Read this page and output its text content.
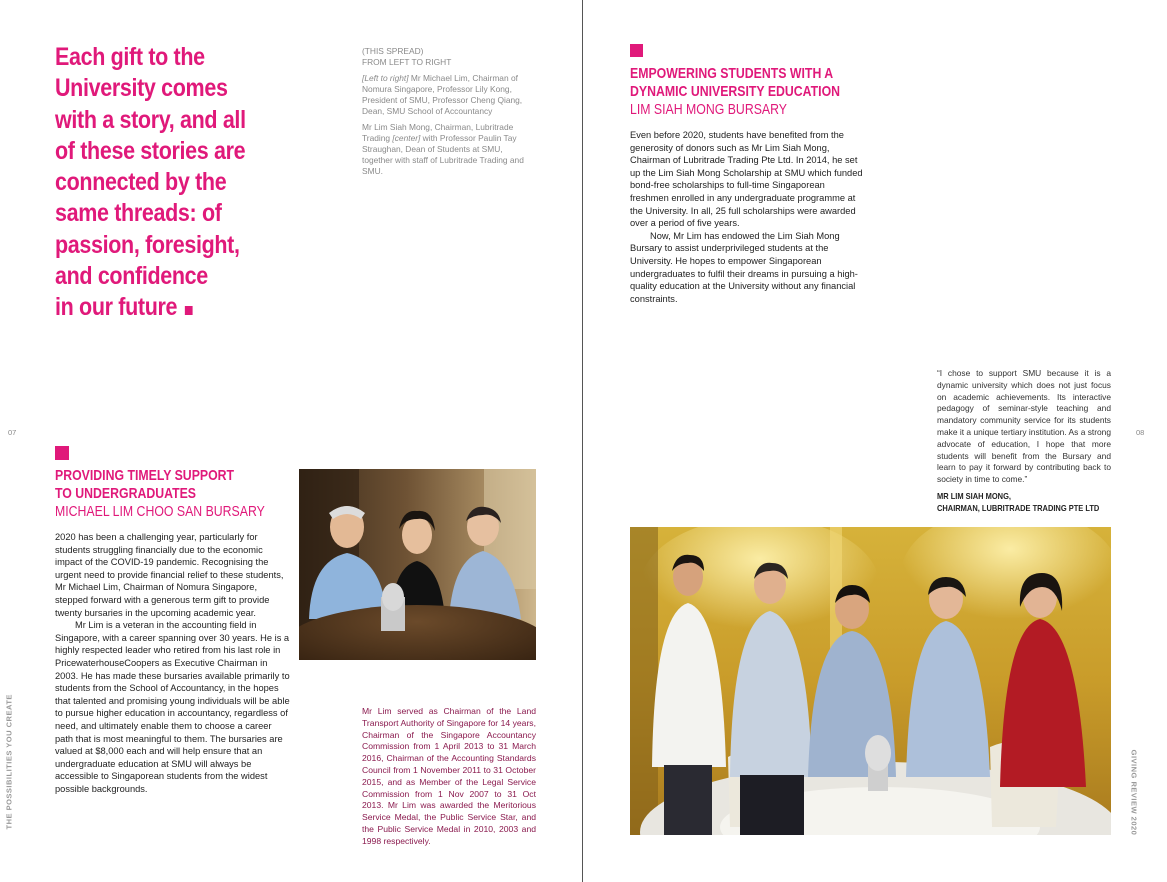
Each gift to the
University comes
with a story, and all
of these stories are
connected by the
same threads: of
passion, foresight,
and confidence
in our future
(THIS SPREAD)
FROM LEFT TO RIGHT

[Left to right] Mr Michael Lim, Chairman of Nomura Singapore, Professor Lily Kong, President of SMU, Professor Cheng Qiang, Dean, SMU School of Accountancy

Mr Lim Siah Mong, Chairman, Lubritrade Trading [center] with Professor Paulin Tay Straughan, Dean of Students at SMU, together with staff of Lubritrade Trading and SMU.

07
THE POSSIBILITIES YOU CREATE
PROVIDING TIMELY SUPPORT
TO UNDERGRADUATES
MICHAEL LIM CHOO SAN BURSARY

2020 has been a challenging year, particularly for students struggling financially due to the economic impact of the COVID-19 pandemic. Recognising the urgent need to provide financial relief to these students, Mr Michael Lim, Chairman of Nomura Singapore, stepped forward with a generous term gift to provide twenty bursaries in the upcoming academic year.

Mr Lim is a veteran in the accounting field in Singapore, with a career spanning over 30 years. He is a highly respected leader who retired from his last role in PricewaterhouseCoopers as Executive Chairman in 2003. He has made these bursaries available primarily to students from the School of Accountancy, in the hopes that talented and promising young individuals will be able to pursue higher education in accountancy, regardless of need, and ultimately enable them to choose a career path that is most meaningful to them. The bursaries are valued at $8,000 each and will help ensure that an undergraduate education at SMU will always be accessible to Singaporean students from the widest possible backgrounds.

Mr Lim served as Chairman of the Land Transport Authority of Singapore for 14 years, Chairman of the Singapore Accountancy Commission from 1 April 2013 to 31 March 2016, Chairman of the Accounting Standards Council from 1 November 2011 to 31 October 2015, and as Member of the Legal Service Commission from 1 Nov 2007 to 31 Oct 2013. Mr Lim was awarded the Meritorious Service Medal, the Public Service Star, and the Public Service Medal in 2010, 2003 and 1998 respectively.
EMPOWERING STUDENTS WITH A
DYNAMIC UNIVERSITY EDUCATION
LIM SIAH MONG BURSARY

Even before 2020, students have benefited from the generosity of donors such as Mr Lim Siah Mong, Chairman of Lubritrade Trading Pte Ltd. In 2014, he set up the Lim Siah Mong Scholarship at SMU which funded bond-free scholarships to full-time Singaporean freshmen enrolled in any undergraduate programme at the University. In all, 25 full scholarships were awarded over a period of five years.

Now, Mr Lim has endowed the Lim Siah Mong Bursary to assist underprivileged students at the University. He hopes to empower Singaporean undergraduates to fulfil their dreams in pursuing a high-quality education at the University without any financial constraints.

“I chose to support SMU because it is a dynamic university which does not just focus on academic achievements. Its interactive pedagogy of seminar-style teaching and mandatory community service for its students make it a unique tertiary institution. As a strong advocate of education, I hope that more students will benefit from the Bursary and learn to pay it forward by contributing back to society in time to come.”
MR LIM SIAH MONG,
CHAIRMAN, LUBRITRADE TRADING PTE LTD
08
GIVING REVIEW 2020
